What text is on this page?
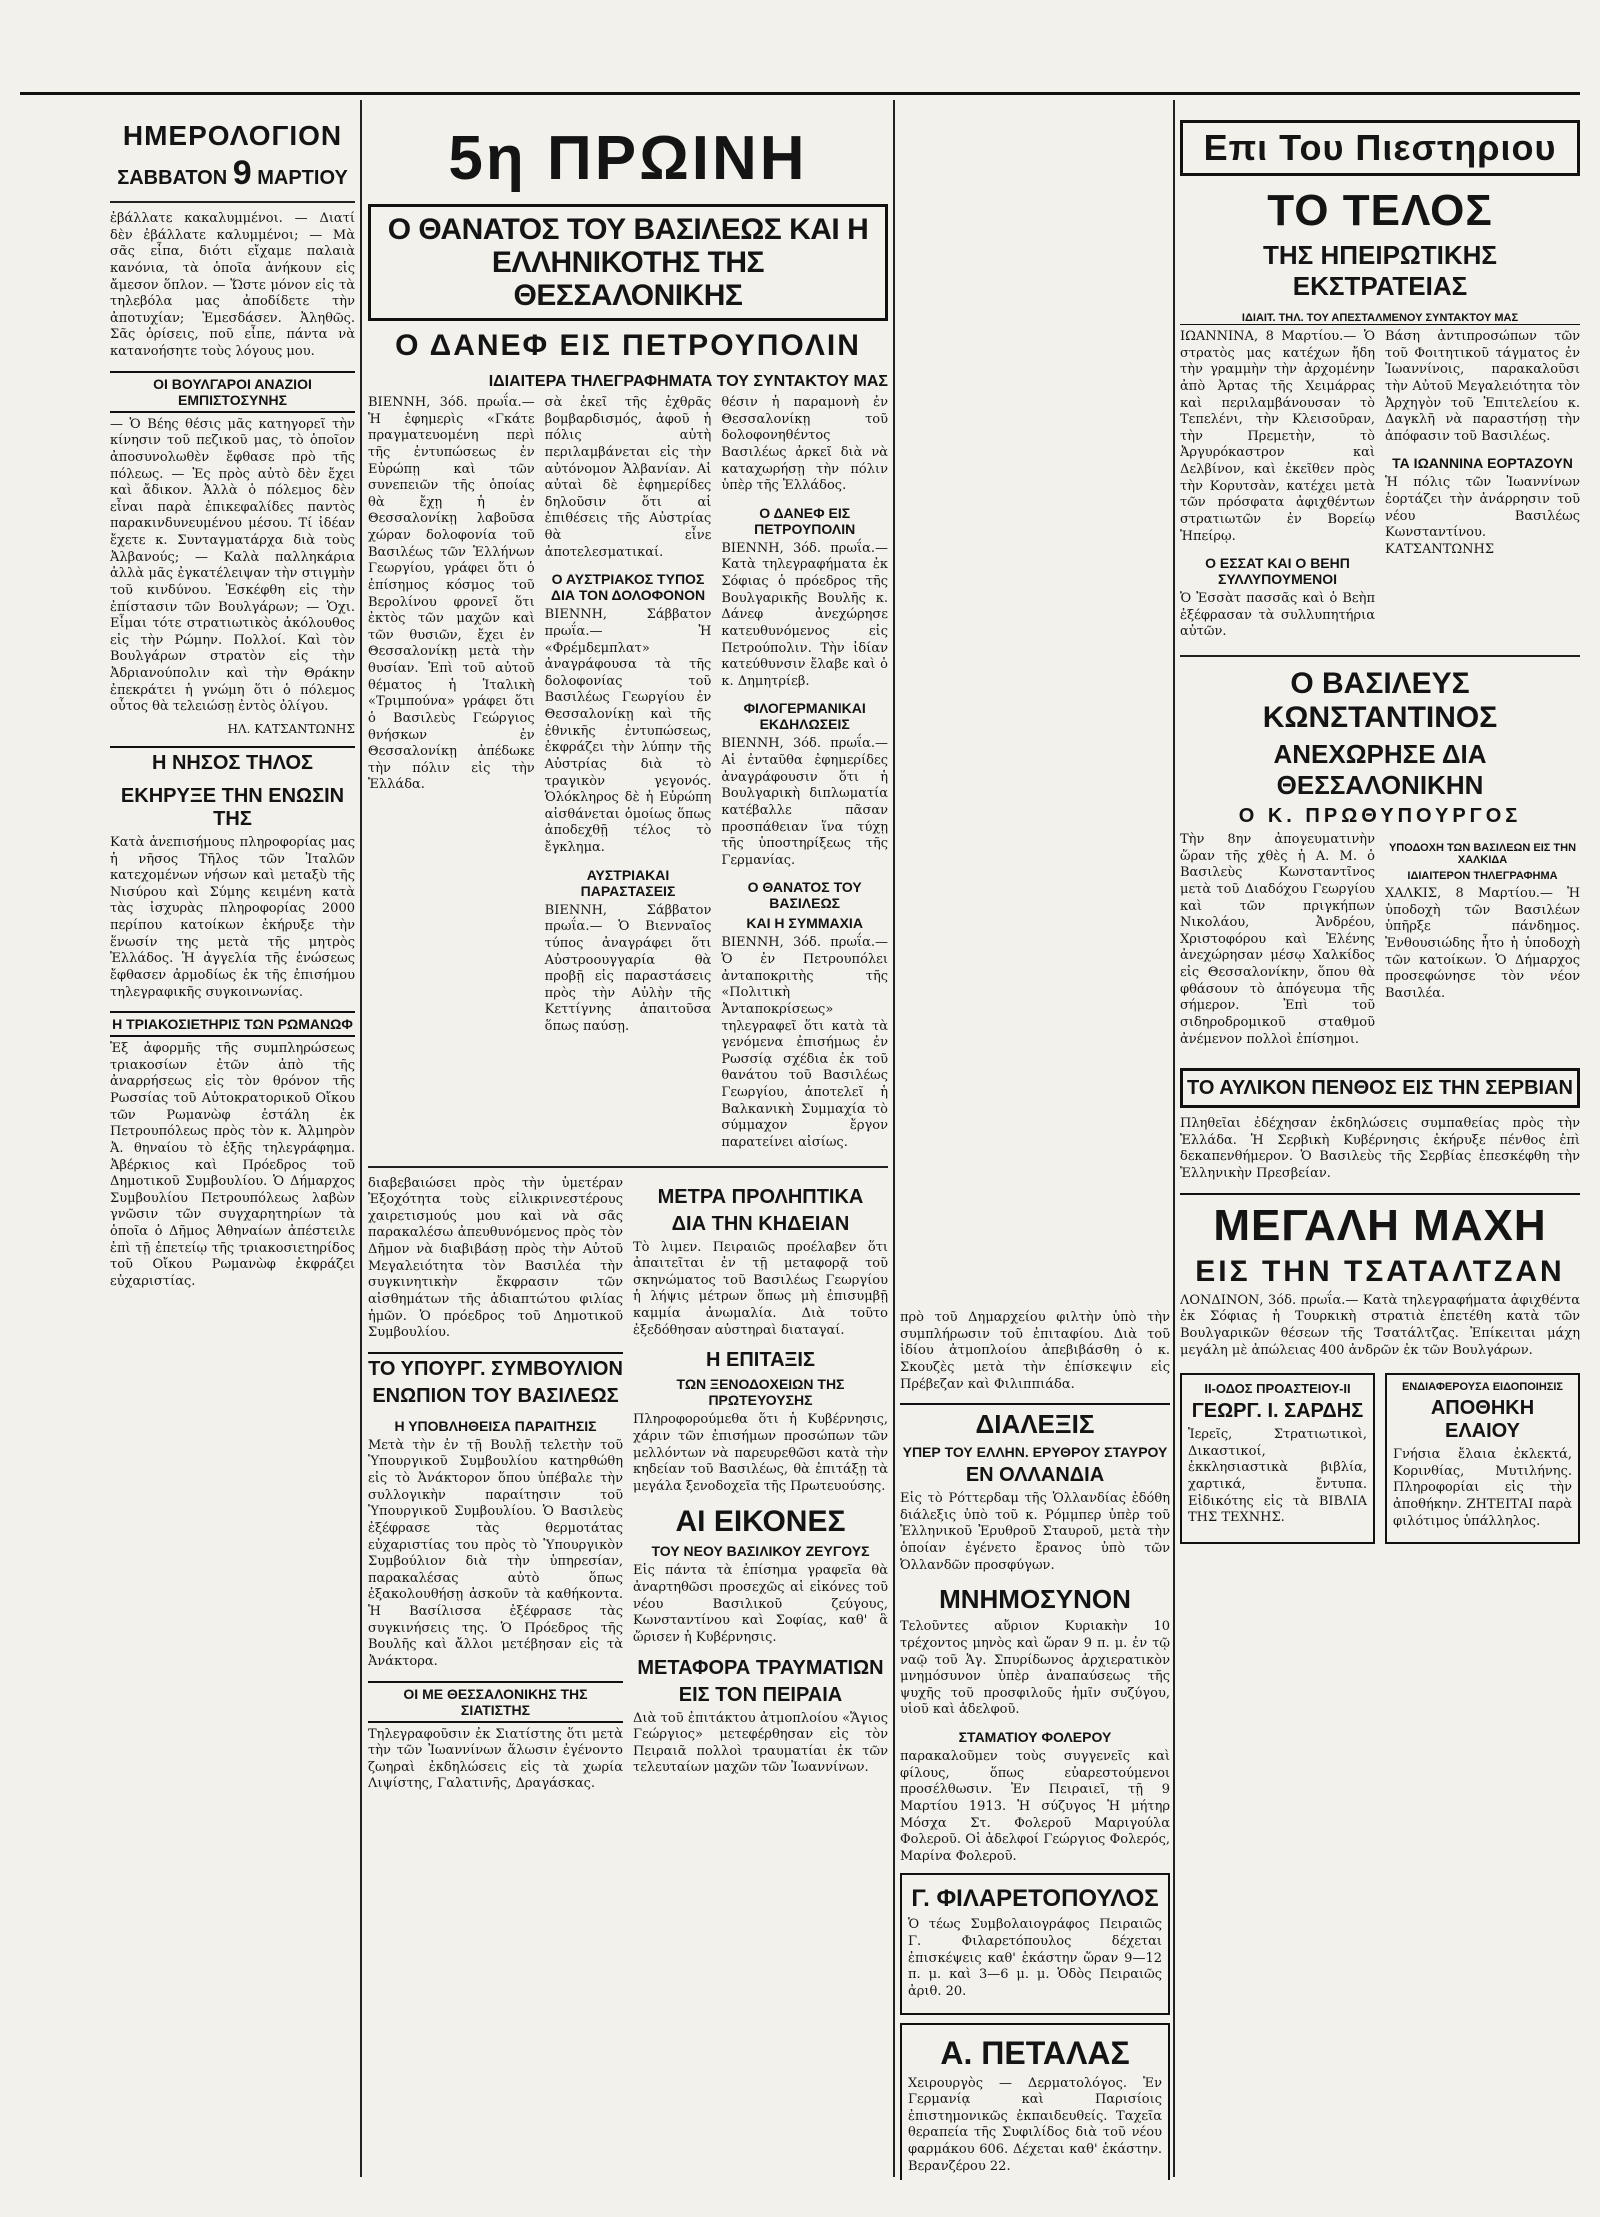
ΗΜΕΡΟΛΟΓΙΟΝ
ΣΑΒΒΑΤΟΝ 9 ΜΑΡΤΙΟΥ

ἐβάλλατε κακαλυμμένοι. — Διατί δὲν ἐβάλλατε καλυμμένοι; — Μὰ σᾶς εἶπα, διότι εἴχαμε παλαιὰ κανόνια, τὰ ὁποῖα ἀνήκουν εἰς ἄμεσον ὅπλον. — Ὥστε μόνον εἰς τὰ τηλεβόλα μας ἀποδίδετε τὴν ἀποτυχίαν; Ἐμεσδάσεν. Ἀληθῶς. Σᾶς ὁρίσεις, ποῦ εἶπε, πάντα νὰ κατανοήσητε τοὺς λόγους μου.

ΟΙ ΒΟΥΛΓΑΡΟΙ ΑΝΑΖΙΟΙ ΕΜΠΙΣΤΟΣΥΝΗΣ

— Ὁ Βέης θέσις μᾶς κατηγορεῖ τὴν κίνησιν τοῦ πεζικοῦ μας, τὸ ὁποῖον ἀποσυνολωθὲν ἔφθασε πρὸ τῆς πόλεως. — Ἐς πρὸς αὐτὸ δὲν ἔχει καὶ ἄδικον. Ἀλλὰ ὁ πόλεμος δὲν εἶναι παρὰ ἐπικεφαλίδες παντὸς παρακινδυνευμένου μέσου. Τί ἰδέαν ἔχετε κ. Συνταγματάρχα διὰ τοὺς Ἀλβανούς; — Καλὰ παλληκάρια ἀλλὰ μᾶς ἐγκατέλειψαν τὴν στιγμὴν τοῦ κινδύνου. Ἐσκέφθη εἰς τὴν ἐπίστασιν τῶν Βουλγάρων; — Ὁχι. Εἶμαι τότε στρατιωτικὸς ἀκόλουθος εἰς τὴν Ρώμην. Πολλοί. Καὶ τὸν Βουλγάρων στρατὸν εἰς τὴν Ἀδριανούπολιν καὶ τὴν Θράκην ἐπεκράτει ἡ γνώμη ὅτι ὁ πόλεμος οὗτος θὰ τελειώσῃ ἐντὸς ὀλίγου.

ΗΛ. ΚΑΤΣΑΝΤΩΝΗΣ
Η ΝΗΣΟΣ ΤΗΛΟΣ
ΕΚΗΡΥΞΕ ΤΗΝ ΕΝΩΣΙΝ ΤΗΣ

Κατὰ ἀνεπισήμους πληροφορίας μας ἡ νῆσος Τῆλος τῶν Ἰταλῶν κατεχομένων νήσων καὶ μεταξὺ τῆς Νισύρου καὶ Σύμης κειμένη κατὰ τὰς ἰσχυρὰς πληροφορίας 2000 περίπου κατοίκων ἐκήρυξε τὴν ἕνωσίν της μετὰ τῆς μητρὸς Ἑλλάδος. Ἡ ἀγγελία τῆς ἑνώσεως ἔφθασεν ἀρμοδίως ἐκ τῆς ἐπισήμου τηλεγραφικῆς συγκοινωνίας.

Η ΤΡΙΑΚΟΣΙΕΤΗΡΙΣ ΤΩΝ ΡΩΜΑΝΩΦ

Ἐξ ἀφορμῆς τῆς συμπληρώσεως τριακοσίων ἐτῶν ἀπὸ τῆς ἀναρρήσεως εἰς τὸν θρόνον τῆς Ρωσσίας τοῦ Αὐτοκρατορικοῦ Οἴκου τῶν Ρωμανὼφ ἐστάλη ἐκ Πετρουπόλεως πρὸς τὸν κ. Ἀλμηρὸν Ἀ. θηναίου τὸ ἑξῆς τηλεγράφημα. Ἀβέρκιος καὶ Πρόεδρος τοῦ Δημοτικοῦ Συμβουλίου. Ὁ Δήμαρχος Συμβουλίου Πετρουπόλεως λαβὼν γνῶσιν τῶν συγχαρητηρίων τὰ ὁποῖα ὁ Δῆμος Ἀθηναίων ἀπέστειλε ἐπὶ τῇ ἐπετείῳ τῆς τριακοσιετηρίδος τοῦ Οἴκου Ρωμανὼφ ἐκφράζει εὐχαριστίας.

5η ΠΡΩΙΝΗ
Ο ΘΑΝΑΤΟΣ ΤΟΥ ΒΑΣΙΛΕΩΣ ΚΑΙ Η ΕΛΛΗΝΙΚΟΤΗΣ ΤΗΣ ΘΕΣΣΑΛΟΝΙΚΗΣ
Ο ΔΑΝΕΦ ΕΙΣ ΠΕΤΡΟΥΠΟΛΙΝ
ΙΔΙΑΙΤΕΡΑ ΤΗΛΕΓΡΑΦΗΜΑΤΑ ΤΟΥ ΣΥΝΤΑΚΤΟΥ ΜΑΣ

ΒΙΕΝΝΗ, 3όδ. πρωΐα.— Ἡ ἐφημερὶς «Γκάτε πραγματευομένη περὶ τῆς ἐντυπώσεως ἐν Εὐρώπῃ καὶ τῶν συνεπειῶν τῆς ὁποίας θὰ ἔχῃ ἡ ἐν Θεσσαλονίκῃ λαβοῦσα χώραν δολοφονία τοῦ Βασιλέως τῶν Ἑλλήνων Γεωργίου, γράφει ὅτι ὁ ἐπίσημος κόσμος τοῦ Βερολίνου φρονεῖ ὅτι ἐκτὸς τῶν μαχῶν καὶ τῶν θυσιῶν, ἔχει ἐν Θεσσαλονίκῃ μετὰ τὴν θυσίαν. Ἐπὶ τοῦ αὐτοῦ θέματος ἡ Ἰταλικὴ «Τριμπούνα» γράφει ὅτι ὁ Βασιλεὺς Γεώργιος θνήσκων ἐν Θεσσαλονίκῃ ἀπέδωκε τὴν πόλιν εἰς τὴν Ἑλλάδα.

σὰ ἐκεῖ τῆς ἐχθρᾶς βομβαρδισμός, ἀφοῦ ἡ πόλις αὐτὴ περιλαμβάνεται εἰς τὴν αὐτόνομον Ἀλβανίαν. Αἱ αὐταὶ δὲ ἐφημερίδες δηλοῦσιν ὅτι αἱ ἐπιθέσεις τῆς Αὐστρίας θὰ εἶνε ἀποτελεσματικαί.

Ο ΑΥΣΤΡΙΑΚΟΣ ΤΥΠΟΣ ΔΙΑ ΤΟΝ ΔΟΛΟΦΟΝΟΝ

ΒΙΕΝΝΗ, Σάββατον πρωΐα.— Ἡ «Φρέμδεμπλατ» ἀναγράφουσα τὰ τῆς δολοφονίας τοῦ Βασιλέως Γεωργίου ἐν Θεσσαλονίκῃ καὶ τῆς ἐθνικῆς ἐντυπώσεως, ἐκφράζει τὴν λύπην τῆς Αὐστρίας διὰ τὸ τραγικὸν γεγονός. Ὁλόκληρος δὲ ἡ Εὐρώπη αἰσθάνεται ὁμοίως ὅπως ἀποδεχθῇ τέλος τὸ ἔγκλημα.

ΑΥΣΤΡΙΑΚΑΙ ΠΑΡΑΣΤΑΣΕΙΣ

ΒΙΕΝΝΗ, Σάββατον πρωΐα.— Ὁ Βιενναῖος τύπος ἀναγράφει ὅτι Αὐστροουγγαρία θὰ προβῇ εἰς παραστάσεις πρὸς τὴν Αὐλὴν τῆς Κεττίγνης ἀπαιτοῦσα ὅπως παύσῃ.

θέσιν ἡ παραμονὴ ἐν Θεσσαλονίκῃ τοῦ δολοφονηθέντος Βασιλέως ἀρκεῖ διὰ νὰ καταχωρήσῃ τὴν πόλιν ὑπὲρ τῆς Ἑλλάδος.

Ο ΔΑΝΕΦ ΕΙΣ ΠΕΤΡΟΥΠΟΛΙΝ

ΒΙΕΝΝΗ, 3όδ. πρωΐα.— Κατὰ τηλεγραφήματα ἐκ Σόφιας ὁ πρόεδρος τῆς Βουλγαρικῆς Βουλῆς κ. Δάνεφ ἀνεχώρησε κατευθυνόμενος εἰς Πετρούπολιν. Τὴν ἰδίαν κατεύθυνσιν ἔλαβε καὶ ὁ κ. Δημητρίεβ.

ΦΙΛΟΓΕΡΜΑΝΙΚΑΙ ΕΚΔΗΛΩΣΕΙΣ

ΒΙΕΝΝΗ, 3όδ. πρωΐα.— Αἱ ἐνταῦθα ἐφημερίδες ἀναγράφουσιν ὅτι ἡ Βουλγαρικὴ διπλωματία κατέβαλλε πᾶσαν προσπάθειαν ἵνα τύχῃ τῆς ὑποστηρίξεως τῆς Γερμανίας.

Ο ΘΑΝΑΤΟΣ ΤΟΥ ΒΑΣΙΛΕΩΣ
ΚΑΙ Η ΣΥΜΜΑΧΙΑ

ΒΙΕΝΝΗ, 3όδ. πρωΐα.— Ὁ ἐν Πετρουπόλει ἀνταποκριτὴς τῆς «Πολιτικὴ Ἀνταποκρίσεως» τηλεγραφεῖ ὅτι κατὰ τὰ γενόμενα ἐπισήμως ἐν Ρωσσίᾳ σχέδια ἐκ τοῦ θανάτου τοῦ Βασιλέως Γεωργίου, ἀποτελεῖ ἡ Βαλκανικὴ Συμμαχία τὸ σύμμαχον ἔργον παρατείνει αἰσίως.

διαβεβαιώσει πρὸς τὴν ὑμετέραν Ἐξοχότητα τοὺς εἰλικρινεστέρους χαιρετισμούς μου καὶ νὰ σᾶς παρακαλέσω ἀπευθυνόμενος πρὸς τὸν Δῆμον νὰ διαβιβάσῃ πρὸς τὴν Αὐτοῦ Μεγαλειότητα τὸν Βασιλέα τὴν συγκινητικὴν ἔκφρασιν τῶν αἰσθημάτων τῆς ἀδιαπτώτου φιλίας ἡμῶν. Ὁ πρόεδρος τοῦ Δημοτικοῦ Συμβουλίου.

ΤΟ ΥΠΟΥΡΓ. ΣΥΜΒΟΥΛΙΟΝ
ΕΝΩΠΙΟΝ ΤΟΥ ΒΑΣΙΛΕΩΣ
Η ΥΠΟΒΛΗΘΕΙΣΑ ΠΑΡΑΙΤΗΣΙΣ

Μετὰ τὴν ἐν τῇ Βουλῇ τελετὴν τοῦ Ὑπουργικοῦ Συμβουλίου κατηρθώθη εἰς τὸ Ἀνάκτορον ὅπου ὑπέβαλε τὴν συλλογικὴν παραίτησιν τοῦ Ὑπουργικοῦ Συμβουλίου. Ὁ Βασιλεὺς ἐξέφρασε τὰς θερμοτάτας εὐχαριστίας του πρὸς τὸ Ὑπουργικὸν Συμβούλιον διὰ τὴν ὑπηρεσίαν, παρακαλέσας αὐτὸ ὅπως ἐξακολουθήσῃ ἀσκοῦν τὰ καθήκοντα. Ἡ Βασίλισσα ἐξέφρασε τὰς συγκινήσεις της. Ὁ Πρόεδρος τῆς Βουλῆς καὶ ἄλλοι μετέβησαν εἰς τὰ Ἀνάκτορα.

ΟΙ ΜΕ ΘΕΣΣΑΛΟΝΙΚΗΣ ΤΗΣ ΣΙΑΤΙΣΤΗΣ

Τηλεγραφοῦσιν ἐκ Σιατίστης ὅτι μετὰ τὴν τῶν Ἰωαννίνων ἅλωσιν ἐγένοντο ζωηραὶ ἐκδηλώσεις εἰς τὰ χωρία Λιψίστης, Γαλατινῆς, Δραγάσκας.

ΜΕΤΡΑ ΠΡΟΛΗΠΤΙΚΑ
ΔΙΑ ΤΗΝ ΚΗΔΕΙΑΝ

Τὸ λιμεν. Πειραιῶς προέλαβεν ὅτι ἀπαιτεῖται ἐν τῇ μεταφορᾷ τοῦ σκηνώματος τοῦ Βασιλέως Γεωργίου ἡ λήψις μέτρων ὅπως μὴ ἐπισυμβῇ καμμία ἀνωμαλία. Διὰ τοῦτο ἐξεδόθησαν αὐστηραὶ διαταγαί.

Η ΕΠΙΤΑΞΙΣ
ΤΩΝ ΞΕΝΟΔΟΧΕΙΩΝ ΤΗΣ ΠΡΩΤΕΥΟΥΣΗΣ

Πληροφορούμεθα ὅτι ἡ Κυβέρνησις, χάριν τῶν ἐπισήμων προσώπων τῶν μελλόντων νὰ παρευρεθῶσι κατὰ τὴν κηδείαν τοῦ Βασιλέως, θὰ ἐπιτάξῃ τὰ μεγάλα ξενοδοχεῖα τῆς Πρωτευούσης.

ΑΙ ΕΙΚΟΝΕΣ
ΤΟΥ ΝΕΟΥ ΒΑΣΙΛΙΚΟΥ ΖΕΥΓΟΥΣ

Εἰς πάντα τὰ ἐπίσημα γραφεῖα θὰ ἀναρτηθῶσι προσεχῶς αἱ εἰκόνες τοῦ νέου Βασιλικοῦ ζεύγους, Κωνσταντίνου καὶ Σοφίας, καθ' ἃ ὥρισεν ἡ Κυβέρνησις.

ΜΕΤΑΦΟΡΑ ΤΡΑΥΜΑΤΙΩΝ
ΕΙΣ ΤΟΝ ΠΕΙΡΑΙΑ

Διὰ τοῦ ἐπιτάκτου ἀτμοπλοίου «Ἅγιος Γεώργιος» μετεφέρθησαν εἰς τὸν Πειραιᾶ πολλοὶ τραυματίαι ἐκ τῶν τελευταίων μαχῶν τῶν Ἰωαννίνων.

πρὸ τοῦ Δημαρχείου φιλτὴν ὑπὸ τὴν συμπλήρωσιν τοῦ ἐπιταφίου. Διὰ τοῦ ἰδίου ἀτμοπλοίου ἀπεβιβάσθη ὁ κ. Σκουζὲς μετὰ τὴν ἐπίσκεψιν εἰς Πρέβεζαν καὶ Φιλιππιάδα.

ΔΙΑΛΕΞΙΣ
ΥΠΕΡ ΤΟΥ ΕΛΛΗΝ. ΕΡΥΘΡΟΥ ΣΤΑΥΡΟΥ
ΕΝ ΟΛΛΑΝΔΙΑ

Εἰς τὸ Ρόττερδαμ τῆς Ὁλλανδίας ἐδόθη διάλεξις ὑπὸ τοῦ κ. Ρόμμπερ ὑπὲρ τοῦ Ἑλληνικοῦ Ἐρυθροῦ Σταυροῦ, μετὰ τὴν ὁποίαν ἐγένετο ἔρανος ὑπὸ τῶν Ὀλλανδῶν προσφύγων.

ΜΝΗΜΟΣΥΝΟΝ

Τελοῦντες αὔριον Κυριακὴν 10 τρέχοντος μηνὸς καὶ ὥραν 9 π. μ. ἐν τῷ ναῷ τοῦ Ἁγ. Σπυρίδωνος ἀρχιερατικὸν μνημόσυνον ὑπὲρ ἀναπαύσεως τῆς ψυχῆς τοῦ προσφιλοῦς ἡμῖν συζύγου, υἱοῦ καὶ ἀδελφοῦ.

ΣΤΑΜΑΤΙΟΥ ΦΟΛΕΡΟΥ

παρακαλοῦμεν τοὺς συγγενεῖς καὶ φίλους, ὅπως εὐαρεστούμενοι προσέλθωσιν. Ἐν Πειραιεῖ, τῇ 9 Μαρτίου 1913. Ἡ σύζυγος Ἡ μήτηρ Μόσχα Στ. Φολεροῦ Μαριγούλα Φολεροῦ. Οἱ ἀδελφοί Γεώργιος Φολερός, Μαρίνα Φολεροῦ.

Γ. ΦΙΛΑΡΕΤΟΠΟΥΛΟΣ

Ὁ τέως Συμβολαιογράφος Πειραιῶς Γ. Φιλαρετόπουλος δέχεται ἐπισκέψεις καθ' ἑκάστην ὥραν 9—12 π. μ. καὶ 3—6 μ. μ. Ὁδὸς Πειραιῶς ἀριθ. 20.

Α. ΠΕΤΑΛΑΣ

Χειρουργὸς — Δερματολόγος. Ἐν Γερμανίᾳ καὶ Παρισίοις ἐπιστημονικῶς ἐκπαιδευθείς. Ταχεῖα θεραπεία τῆς Συφιλίδος διὰ τοῦ νέου φαρμάκου 606. Δέχεται καθ' ἑκάστην. Βερανζέρου 22.

Επι Του Πιεστηριου
ΤΟ ΤΕΛΟΣ
ΤΗΣ ΗΠΕΙΡΩΤΙΚΗΣ ΕΚΣΤΡΑΤΕΙΑΣ
ΙΔΙΑΙΤ. ΤΗΛ. ΤΟΥ ΑΠΕΣΤΑΛΜΕΝΟΥ ΣΥΝΤΑΚΤΟΥ ΜΑΣ

ΙΩΑΝΝΙΝΑ, 8 Μαρτίου.— Ὁ στρατὸς μας κατέχων ἤδη τὴν γραμμὴν τὴν ἀρχομένην ἀπὸ Ἀρτας τῆς Χειμάρρας καὶ περιλαμβάνουσαν τὸ Τεπελένι, τὴν Κλεισοῦραν, τὴν Πρεμετὴν, τὸ Ἀργυρόκαστρον καὶ Δελβίνον, καὶ ἐκεῖθεν πρὸς τὴν Κορυτσὰν, κατέχει μετὰ τῶν πρόσφατα ἀφιχθέντων στρατιωτῶν ἐν Βορείῳ Ἠπείρῳ.

Ο ΕΣΣΑΤ ΚΑΙ Ο ΒΕΗΠ ΣΥΛΛΥΠΟΥΜΕΝΟΙ

Ὁ Ἐσσὰτ πασσᾶς καὶ ὁ Βεὴπ ἐξέφρασαν τὰ συλλυπητήρια αὐτῶν.

Βάση ἀντιπροσώπων τῶν τοῦ Φοιτητικοῦ τάγματος ἐν Ἰωαννίνοις, παρακαλοῦσι τὴν Αὐτοῦ Μεγαλειότητα τὸν Ἀρχηγὸν τοῦ Ἐπιτελείου κ. Δαγκλῆ νὰ παραστήσῃ τὴν ἀπόφασιν τοῦ Βασιλέως.

ΤΑ ΙΩΑΝΝΙΝΑ ΕΟΡΤΑΖΟΥΝ

Ἡ πόλις τῶν Ἰωαννίνων ἑορτάζει τὴν ἀνάρρησιν τοῦ νέου Βασιλέως Κωνσταντίνου. ΚΑΤΣΑΝΤΩΝΗΣ

Ο ΒΑΣΙΛΕΥΣ ΚΩΝΣΤΑΝΤΙΝΟΣ
ΑΝΕΧΩΡΗΣΕ ΔΙΑ ΘΕΣΣΑΛΟΝΙΚΗΝ
Ο Κ. ΠΡΩΘΥΠΟΥΡΓΟΣ

Τὴν 8ην ἀπογευματινὴν ὥραν τῆς χθὲς ἡ Α. Μ. ὁ Βασιλεὺς Κωνσταντῖνος μετὰ τοῦ Διαδόχου Γεωργίου καὶ τῶν πριγκήπων Νικολάου, Ἀνδρέου, Χριστοφόρου καὶ Ἑλένης ἀνεχώρησαν μέσῳ Χαλκίδος εἰς Θεσσαλονίκην, ὅπου θὰ φθάσουν τὸ ἀπόγευμα τῆς σήμερον. Ἐπὶ τοῦ σιδηροδρομικοῦ σταθμοῦ ἀνέμενον πολλοὶ ἐπίσημοι.

ΥΠΟΔΟΧΗ ΤΩΝ ΒΑΣΙΛΕΩΝ ΕΙΣ ΤΗΝ ΧΑΛΚΙΔΑ
ΙΔΙΑΙΤΕΡΟΝ ΤΗΛΕΓΡΑΦΗΜΑ

ΧΑΛΚΙΣ, 8 Μαρτίου.— Ἡ ὑποδοχὴ τῶν Βασιλέων ὑπῆρξε πάνδημος. Ἐνθουσιώδης ἦτο ἡ ὑποδοχὴ τῶν κατοίκων. Ὁ Δήμαρχος προσεφώνησε τὸν νέον Βασιλέα.

ΤΟ ΑΥΛΙΚΟΝ ΠΕΝΘΟΣ ΕΙΣ ΤΗΝ ΣΕΡΒΙΑΝ

Πληθεῖαι ἐδέχησαν ἐκδηλώσεις συμπαθείας πρὸς τὴν Ἑλλάδα. Ἡ Σερβικὴ Κυβέρνησις ἐκήρυξε πένθος ἐπὶ δεκαπενθήμερον. Ὁ Βασιλεὺς τῆς Σερβίας ἐπεσκέφθη τὴν Ἑλληνικὴν Πρεσβείαν.

ΜΕΓΑΛΗ ΜΑΧΗ
ΕΙΣ ΤΗΝ ΤΣΑΤΑΛΤΖΑΝ

ΛΟΝΔΙΝΟΝ, 3όδ. πρωΐα.— Κατὰ τηλεγραφήματα ἀφιχθέντα ἐκ Σόφιας ἡ Τουρκικὴ στρατιὰ ἐπετέθη κατὰ τῶν Βουλγαρικῶν θέσεων τῆς Τσατάλτζας. Ἐπίκειται μάχη μεγάλη μὲ ἀπώλειας 400 ἀνδρῶν ἐκ τῶν Βουλγάρων.

II-ΟΔΟΣ ΠΡΟΑΣΤΕΙΟΥ-II
ΓΕΩΡΓ. Ι. ΣΑΡΔΗΣ

Ἱερεῖς, Στρατιωτικοὶ, Δικαστικοί, ἐκκλησιαστικὰ βιβλία, χαρτικά, ἔντυπα. Εἰδικότης εἰς τὰ ΒΙΒΛΙΑ ΤΗΣ ΤΕΧΝΗΣ.

ΕΝΔΙΑΦΕΡΟΥΣΑ ΕΙΔΟΠΟΙΗΣΙΣ
ΑΠΟΘΗΚΗ ΕΛΑΙΟΥ

Γνήσια ἔλαια ἐκλεκτά, Κορινθίας, Μυτιλήνης. Πληροφορίαι εἰς τὴν ἀποθήκην. ΖΗΤΕΙΤΑΙ παρὰ φιλότιμος ὑπάλληλος.
